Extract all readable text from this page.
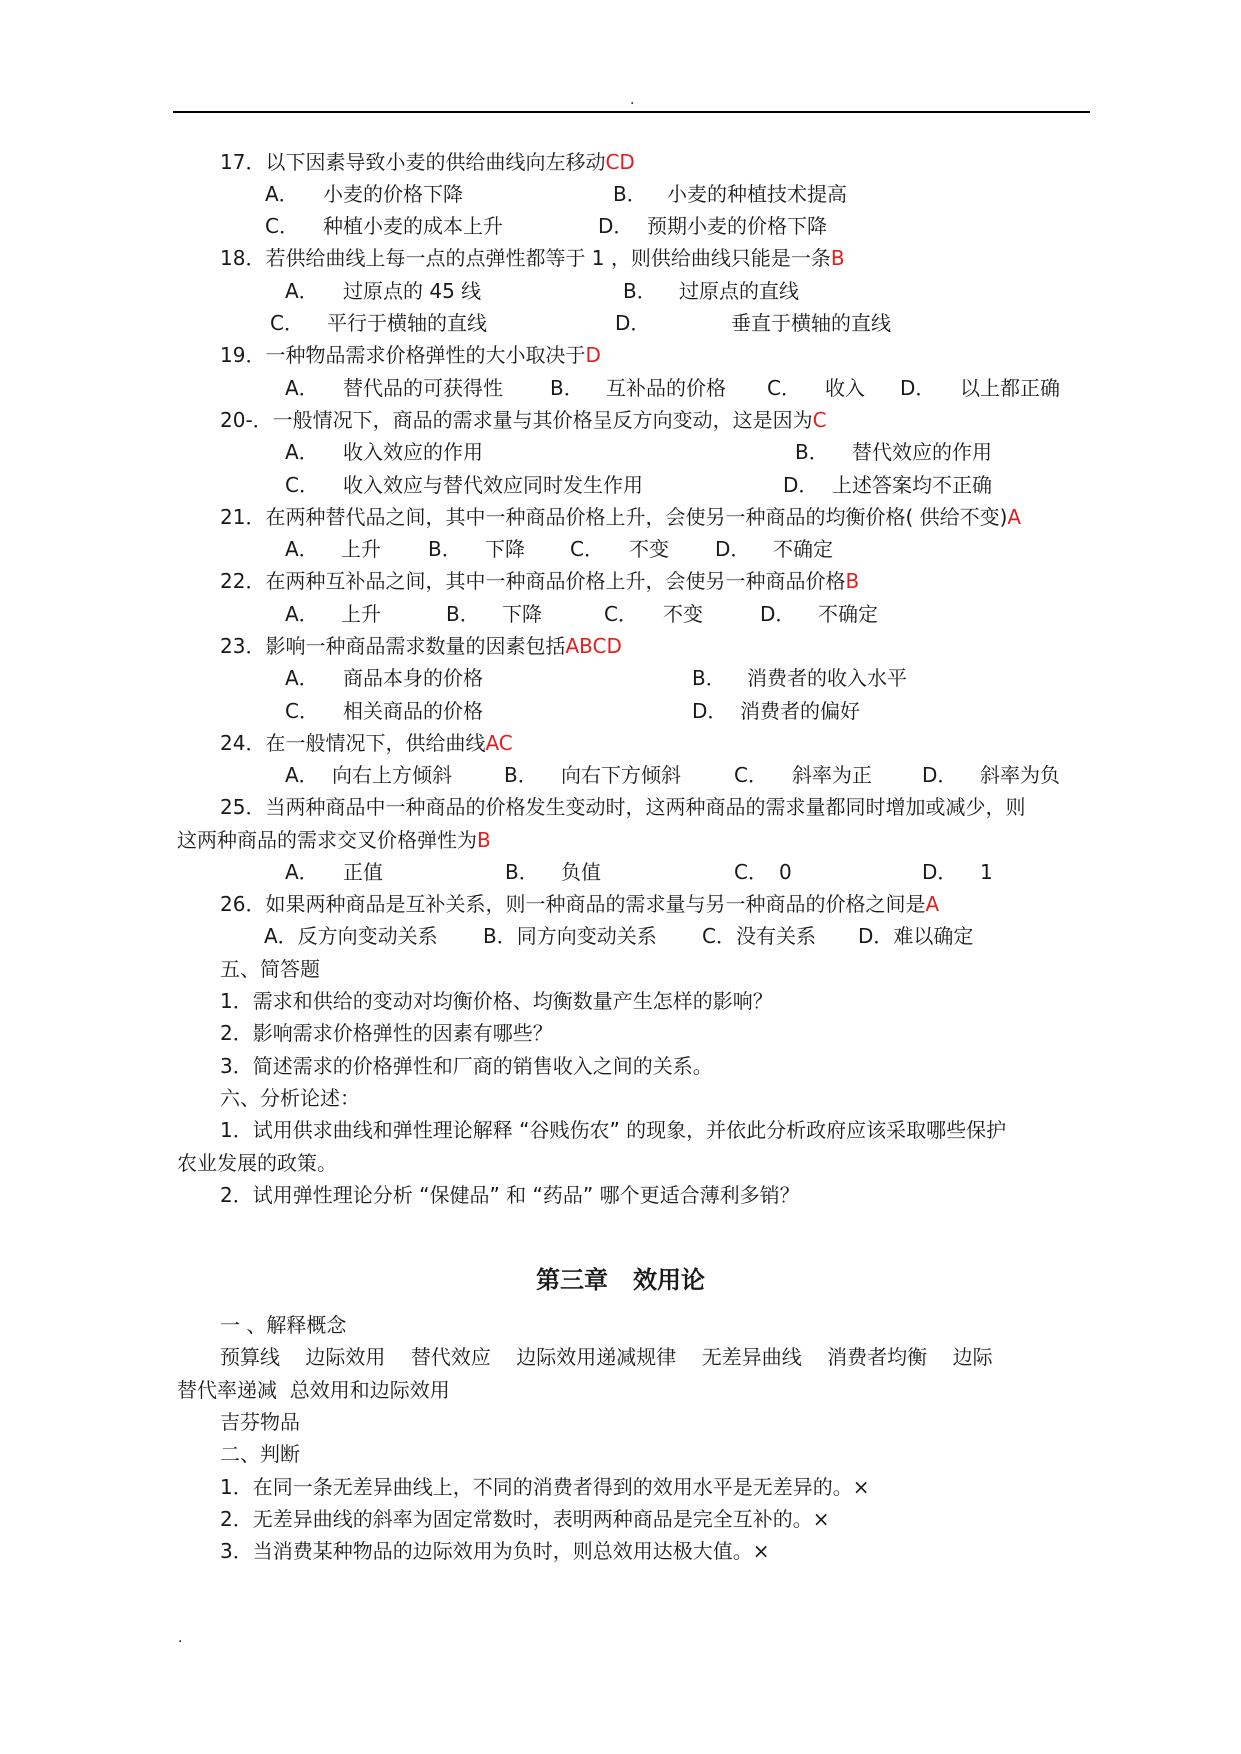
.
17．以下因素导致小麦的供给曲线向左移动CD
A． 小麦的价格下降	B． 小麦的种植技术提高
C． 种植小麦的成本上升	D． 预期小麦的价格下降
18．若供给曲线上每一点的点弹性都等于 1 ，则供给曲线只能是一条B
A． 过原点的 45 线	B． 过原点的直线
C． 平行于横轴的直线	D．	垂直于横轴的直线
19．一种物品需求价格弹性的大小取决于D
A． 替代品的可获得性 B． 互补品的价格 C． 收入 D． 以上都正确
20-．一般情况下，商品的需求量与其价格呈反方向变动，这是因为C
A． 收入效应的作用	B． 替代效应的作用
C． 收入效应与替代效应同时发生作用	D． 上述答案均不正确
21．在两种替代品之间，其中一种商品价格上升，会使另一种商品的均衡价格( 供给不变)A
A． 上升 B． 下降 C． 不变 D． 不确定
22．在两种互补品之间，其中一种商品价格上升，会使另一种商品价格B
A． 上升	B． 下降	C． 不变	D． 不确定
23．影响一种商品需求数量的因素包括ABCD
A． 商品本身的价格	B． 消费者的收入水平
C． 相关商品的价格	D． 消费者的偏好
24．在一般情况下，供给曲线AC
A． 向右上方倾斜	B． 向右下方倾斜	C． 斜率为正	D． 斜率为负
25．当两种商品中一种商品的价格发生变动时，这两种商品的需求量都同时增加或减少，则
这两种商品的需求交叉价格弹性为B
A． 正值	B． 负值	C． 0	D． 1
26．如果两种商品是互补关系，则一种商品的需求量与另一种商品的价格之间是A
A．反方向变动关系 B．同方向变动关系 C．没有关系 D．难以确定
五、简答题
1．需求和供给的变动对均衡价格、均衡数量产生怎样的影响？
2．影响需求价格弹性的因素有哪些？
3．简述需求的价格弹性和厂商的销售收入之间的关系。
六、分析论述：
1．试用供求曲线和弹性理论解释 “谷贱伤农” 的现象，并依此分析政府应该采取哪些保护
农业发展的政策。
2．试用弹性理论分析 “保健品” 和 “药品” 哪个更适合薄利多销？
第三章   效用论
一 、解释概念
预算线    边际效用    替代效应    边际效用递减规律    无差异曲线    消费者均衡    边际
替代率递减  总效用和边际效用
吉芬物品
二、判断
1．在同一条无差异曲线上，不同的消费者得到的效用水平是无差异的。×
2．无差异曲线的斜率为固定常数时，表明两种商品是完全互补的。×
3．当消费某种物品的边际效用为负时，则总效用达极大值。×
.
